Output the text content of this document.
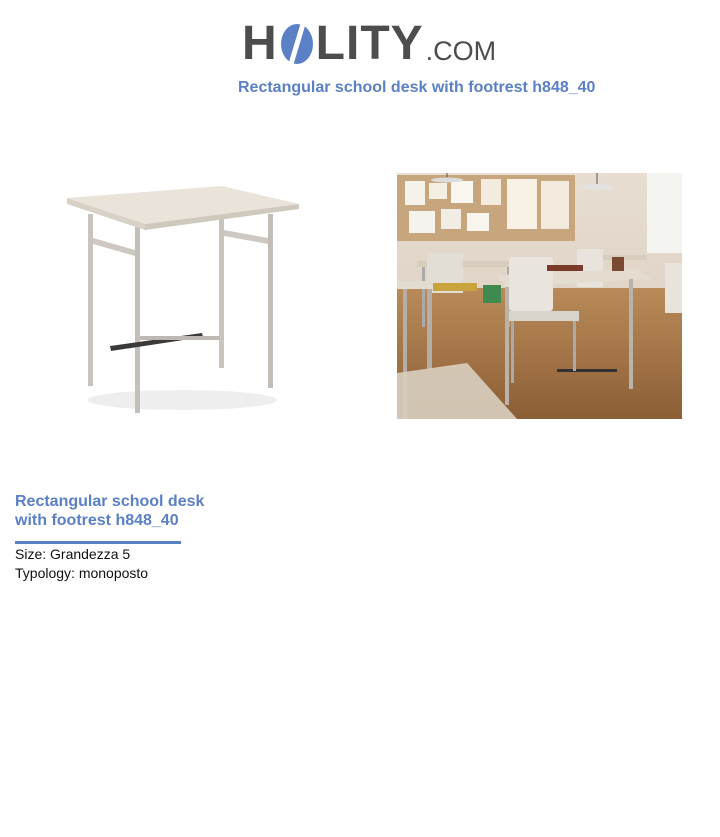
H LITY .COM
Rectangular school desk with footrest h848_40
Rectangular school desk with footrest h848_40
Size: Grandezza 5
Typology: monoposto
